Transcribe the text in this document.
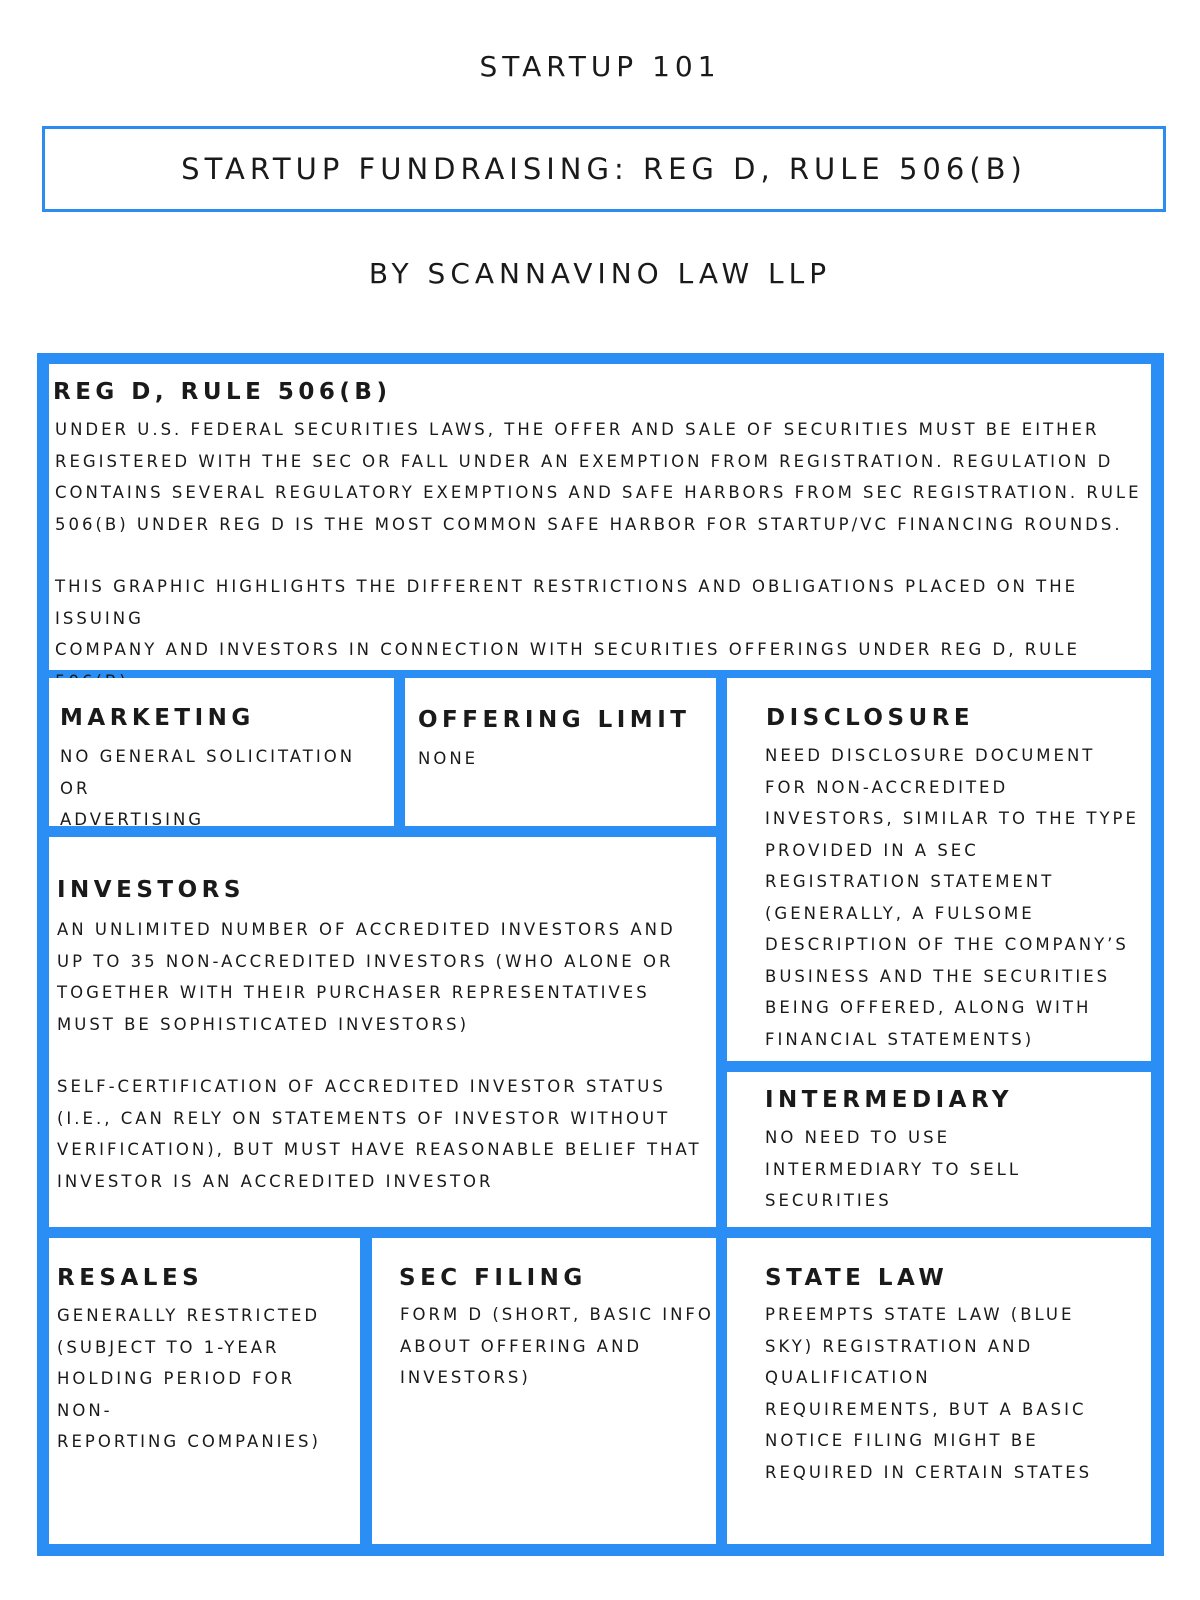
STARTUP 101
STARTUP FUNDRAISING: REG D, RULE 506(B)
BY SCANNAVINO LAW LLP
REG D, RULE 506(B)
UNDER U.S. FEDERAL SECURITIES LAWS, THE OFFER AND SALE OF SECURITIES MUST BE EITHER
REGISTERED WITH THE SEC OR FALL UNDER AN EXEMPTION FROM REGISTRATION. REGULATION D
CONTAINS SEVERAL REGULATORY EXEMPTIONS AND SAFE HARBORS FROM SEC REGISTRATION. RULE
506(B) UNDER REG D IS THE MOST COMMON SAFE HARBOR FOR STARTUP/VC FINANCING ROUNDS.
THIS GRAPHIC HIGHLIGHTS THE DIFFERENT RESTRICTIONS AND OBLIGATIONS PLACED ON THE ISSUING
COMPANY AND INVESTORS IN CONNECTION WITH SECURITIES OFFERINGS UNDER REG D, RULE
MARKETING
NO GENERAL SOLICITATION OR
ADVERTISING
OFFERING LIMIT
NONE
DISCLOSURE
NEED DISCLOSURE DOCUMENT
FOR NON-ACCREDITED
INVESTORS, SIMILAR TO THE TYPE
PROVIDED IN A SEC
REGISTRATION STATEMENT
(GENERALLY, A FULSOME
DESCRIPTION OF THE COMPANY’S
BUSINESS AND THE SECURITIES
BEING OFFERED, ALONG WITH
FINANCIAL STATEMENTS)
INVESTORS
AN UNLIMITED NUMBER OF ACCREDITED INVESTORS AND
UP TO 35 NON-ACCREDITED INVESTORS (WHO ALONE OR
TOGETHER WITH THEIR PURCHASER REPRESENTATIVES
MUST BE SOPHISTICATED INVESTORS)
SELF-CERTIFICATION OF ACCREDITED INVESTOR STATUS
(I.E., CAN RELY ON STATEMENTS OF INVESTOR WITHOUT
VERIFICATION), BUT MUST HAVE REASONABLE BELIEF THAT
INVESTOR IS AN ACCREDITED INVESTOR
INTERMEDIARY
NO NEED TO USE
INTERMEDIARY TO SELL
SECURITIES
RESALES
GENERALLY RESTRICTED
(SUBJECT TO 1-YEAR
HOLDING PERIOD FOR NON-
REPORTING COMPANIES)
SEC FILING
FORM D (SHORT, BASIC INFO
ABOUT OFFERING AND
INVESTORS)
STATE LAW
PREEMPTS STATE LAW (BLUE
SKY) REGISTRATION AND
QUALIFICATION
REQUIREMENTS, BUT A BASIC
NOTICE FILING MIGHT BE
REQUIRED IN CERTAIN STATES
